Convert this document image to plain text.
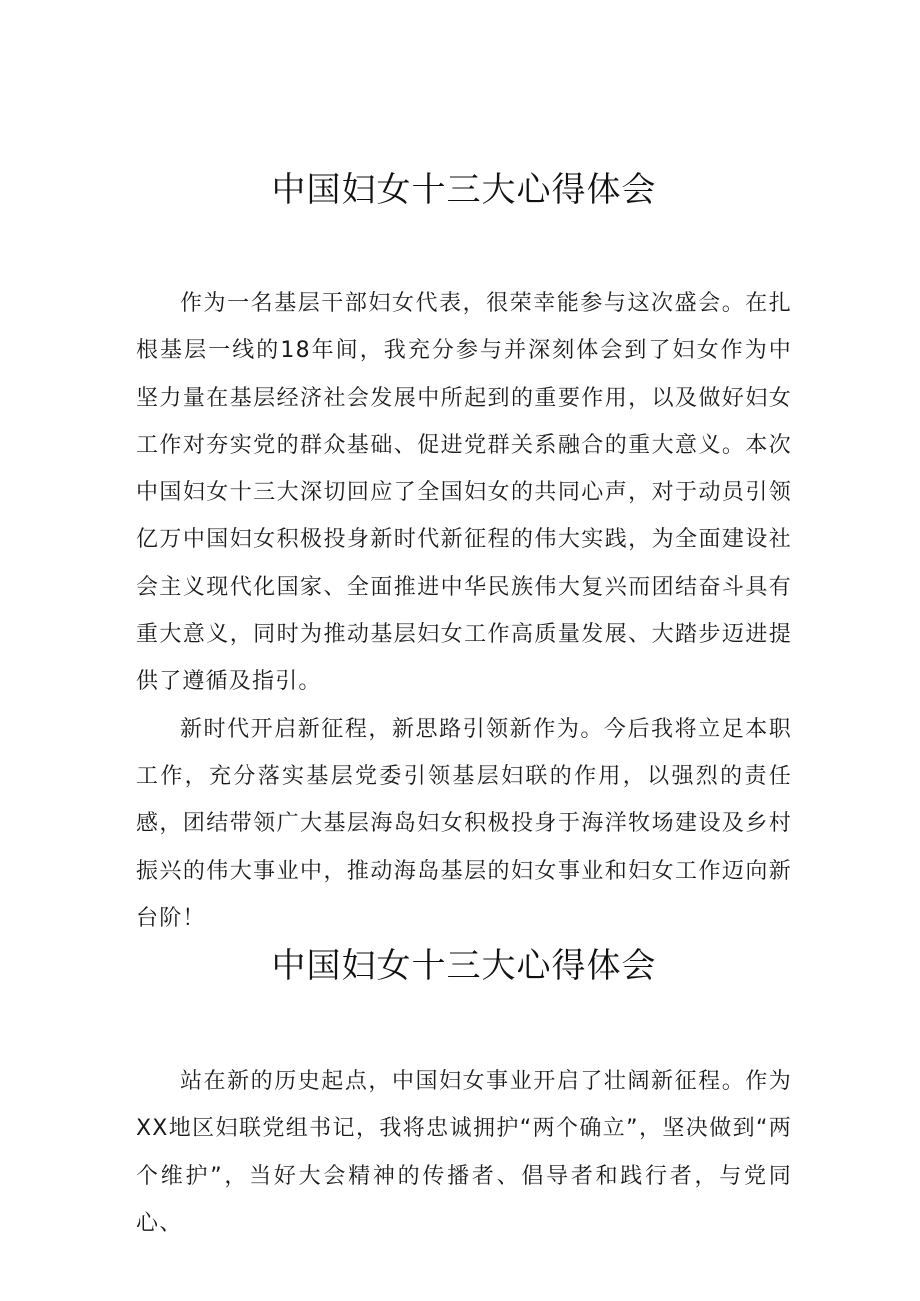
中国妇女十三大心得体会

作为一名基层干部妇女代表，很荣幸能参与这次盛会。在扎根基层一线的18年间，我充分参与并深刻体会到了妇女作为中坚力量在基层经济社会发展中所起到的重要作用，以及做好妇女工作对夯实党的群众基础、促进党群关系融合的重大意义。本次中国妇女十三大深切回应了全国妇女的共同心声，对于动员引领亿万中国妇女积极投身新时代新征程的伟大实践，为全面建设社会主义现代化国家、全面推进中华民族伟大复兴而团结奋斗具有重大意义，同时为推动基层妇女工作高质量发展、大踏步迈进提供了遵循及指引。

新时代开启新征程，新思路引领新作为。今后我将立足本职工作，充分落实基层党委引领基层妇联的作用，以强烈的责任感，团结带领广大基层海岛妇女积极投身于海洋牧场建设及乡村振兴的伟大事业中，推动海岛基层的妇女事业和妇女工作迈向新台阶！

中国妇女十三大心得体会

站在新的历史起点，中国妇女事业开启了壮阔新征程。作为XX地区妇联党组书记，我将忠诚拥护“两个确立”，坚决做到“两个维护”，当好大会精神的传播者、倡导者和践行者，与党同心、
